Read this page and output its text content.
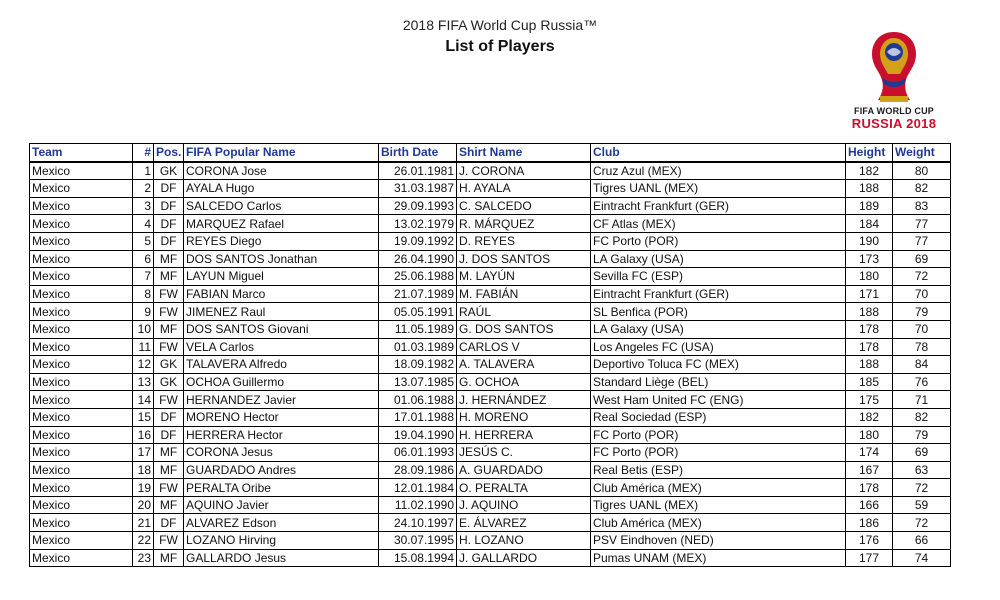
2018 FIFA World Cup Russia™
List of Players
FIFA WORLD CUP
RUSSIA 2018
Team	#	Pos.	FIFA Popular Name	Birth Date	Shirt Name	Club	Height	Weight
Mexico	1	GK	CORONA Jose	26.01.1981	J. CORONA	Cruz Azul (MEX)	182	80
Mexico	2	DF	AYALA Hugo	31.03.1987	H. AYALA	Tigres UANL (MEX)	188	82
Mexico	3	DF	SALCEDO Carlos	29.09.1993	C. SALCEDO	Eintracht Frankfurt (GER)	189	83
Mexico	4	DF	MARQUEZ Rafael	13.02.1979	R. MÁRQUEZ	CF Atlas (MEX)	184	77
Mexico	5	DF	REYES Diego	19.09.1992	D. REYES	FC Porto (POR)	190	77
Mexico	6	MF	DOS SANTOS Jonathan	26.04.1990	J. DOS SANTOS	LA Galaxy (USA)	173	69
Mexico	7	MF	LAYUN Miguel	25.06.1988	M. LAYÚN	Sevilla FC (ESP)	180	72
Mexico	8	FW	FABIAN Marco	21.07.1989	M. FABIÁN	Eintracht Frankfurt (GER)	171	70
Mexico	9	FW	JIMENEZ Raul	05.05.1991	RAÚL	SL Benfica (POR)	188	79
Mexico	10	MF	DOS SANTOS Giovani	11.05.1989	G. DOS SANTOS	LA Galaxy (USA)	178	70
Mexico	11	FW	VELA Carlos	01.03.1989	CARLOS V	Los Angeles FC (USA)	178	78
Mexico	12	GK	TALAVERA Alfredo	18.09.1982	A. TALAVERA	Deportivo Toluca FC (MEX)	188	84
Mexico	13	GK	OCHOA Guillermo	13.07.1985	G. OCHOA	Standard Liège (BEL)	185	76
Mexico	14	FW	HERNANDEZ Javier	01.06.1988	J. HERNÁNDEZ	West Ham United FC (ENG)	175	71
Mexico	15	DF	MORENO Hector	17.01.1988	H. MORENO	Real Sociedad (ESP)	182	82
Mexico	16	DF	HERRERA Hector	19.04.1990	H. HERRERA	FC Porto (POR)	180	79
Mexico	17	MF	CORONA Jesus	06.01.1993	JESÚS C.	FC Porto (POR)	174	69
Mexico	18	MF	GUARDADO Andres	28.09.1986	A. GUARDADO	Real Betis (ESP)	167	63
Mexico	19	FW	PERALTA Oribe	12.01.1984	O. PERALTA	Club América (MEX)	178	72
Mexico	20	MF	AQUINO Javier	11.02.1990	J. AQUINO	Tigres UANL (MEX)	166	59
Mexico	21	DF	ALVAREZ Edson	24.10.1997	E. ÁLVAREZ	Club América (MEX)	186	72
Mexico	22	FW	LOZANO Hirving	30.07.1995	H. LOZANO	PSV Eindhoven (NED)	176	66
Mexico	23	MF	GALLARDO Jesus	15.08.1994	J. GALLARDO	Pumas UNAM (MEX)	177	74
